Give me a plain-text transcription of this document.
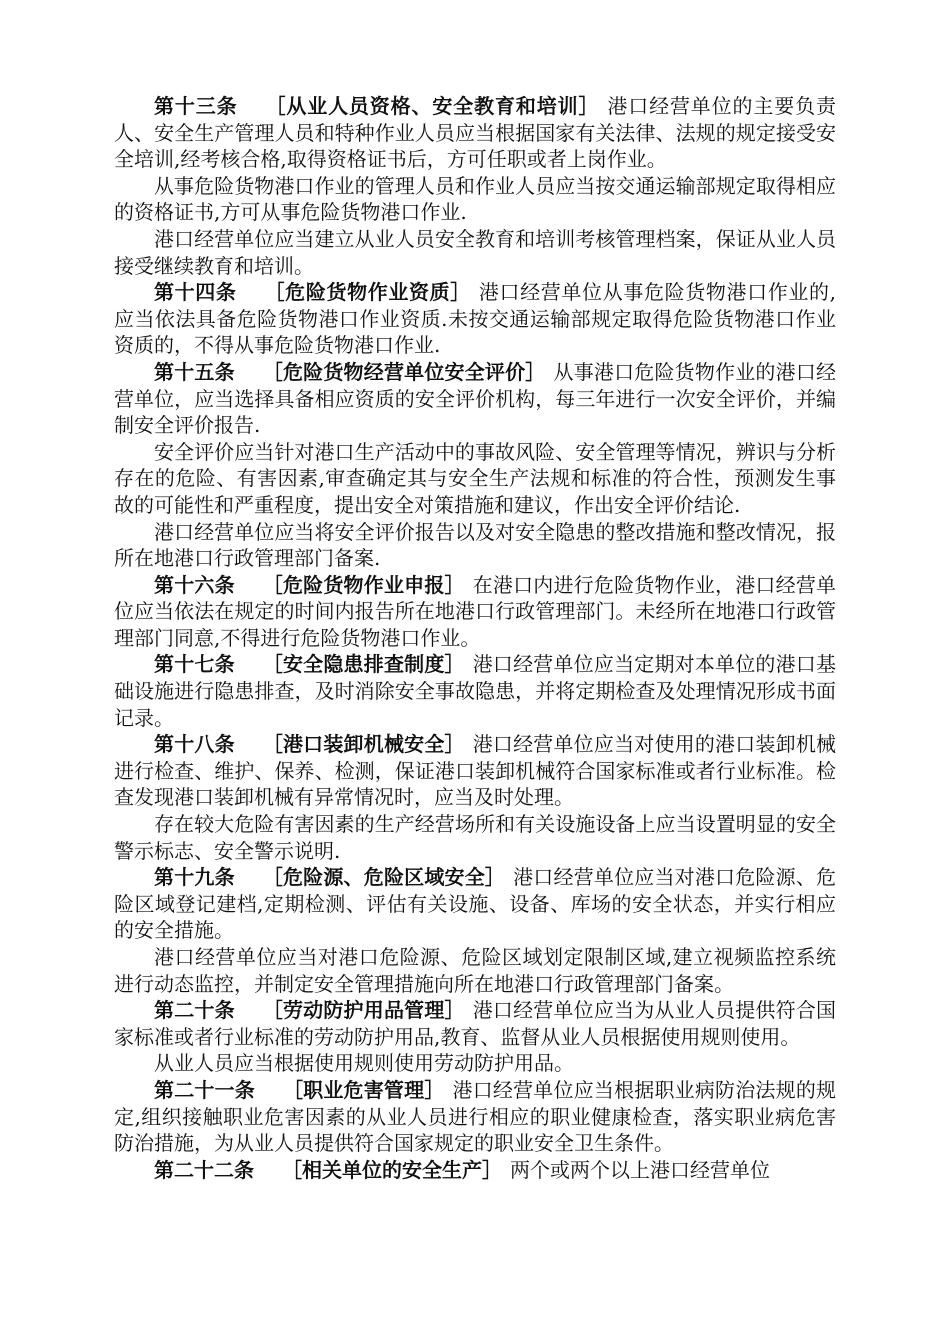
第十三条 ［从业人员资格、安全教育和培训］ 港口经营单位的主要负责人、安全生产管理人员和特种作业人员应当根据国家有关法律、法规的规定接受安全培训,经考核合格,取得资格证书后，方可任职或者上岗作业。

从事危险货物港口作业的管理人员和作业人员应当按交通运输部规定取得相应的资格证书,方可从事危险货物港口作业.

港口经营单位应当建立从业人员安全教育和培训考核管理档案，保证从业人员接受继续教育和培训。

第十四条 ［危险货物作业资质］ 港口经营单位从事危险货物港口作业的,应当依法具备危险货物港口作业资质.未按交通运输部规定取得危险货物港口作业资质的，不得从事危险货物港口作业.

第十五条 ［危险货物经营单位安全评价］ 从事港口危险货物作业的港口经营单位，应当选择具备相应资质的安全评价机构，每三年进行一次安全评价，并编制安全评价报告.

安全评价应当针对港口生产活动中的事故风险、安全管理等情况，辨识与分析存在的危险、有害因素,审查确定其与安全生产法规和标准的符合性，预测发生事故的可能性和严重程度，提出安全对策措施和建议，作出安全评价结论.

港口经营单位应当将安全评价报告以及对安全隐患的整改措施和整改情况，报所在地港口行政管理部门备案.

第十六条 ［危险货物作业申报］ 在港口内进行危险货物作业，港口经营单位应当依法在规定的时间内报告所在地港口行政管理部门。未经所在地港口行政管理部门同意,不得进行危险货物港口作业。

第十七条 ［安全隐患排查制度］ 港口经营单位应当定期对本单位的港口基础设施进行隐患排查，及时消除安全事故隐患，并将定期检查及处理情况形成书面记录。

第十八条 ［港口装卸机械安全］ 港口经营单位应当对使用的港口装卸机械进行检查、维护、保养、检测，保证港口装卸机械符合国家标准或者行业标准。检查发现港口装卸机械有异常情况时，应当及时处理。

存在较大危险有害因素的生产经营场所和有关设施设备上应当设置明显的安全警示标志、安全警示说明.

第十九条 ［危险源、危险区域安全］ 港口经营单位应当对港口危险源、危险区域登记建档,定期检测、评估有关设施、设备、库场的安全状态，并实行相应的安全措施。

港口经营单位应当对港口危险源、危险区域划定限制区域,建立视频监控系统进行动态监控，并制定安全管理措施向所在地港口行政管理部门备案。

第二十条 ［劳动防护用品管理］ 港口经营单位应当为从业人员提供符合国家标准或者行业标准的劳动防护用品,教育、监督从业人员根据使用规则使用。

从业人员应当根据使用规则使用劳动防护用品。

第二十一条 ［职业危害管理］ 港口经营单位应当根据职业病防治法规的规定,组织接触职业危害因素的从业人员进行相应的职业健康检查，落实职业病危害防治措施，为从业人员提供符合国家规定的职业安全卫生条件。

第二十二条 ［相关单位的安全生产］ 两个或两个以上港口经营单位
